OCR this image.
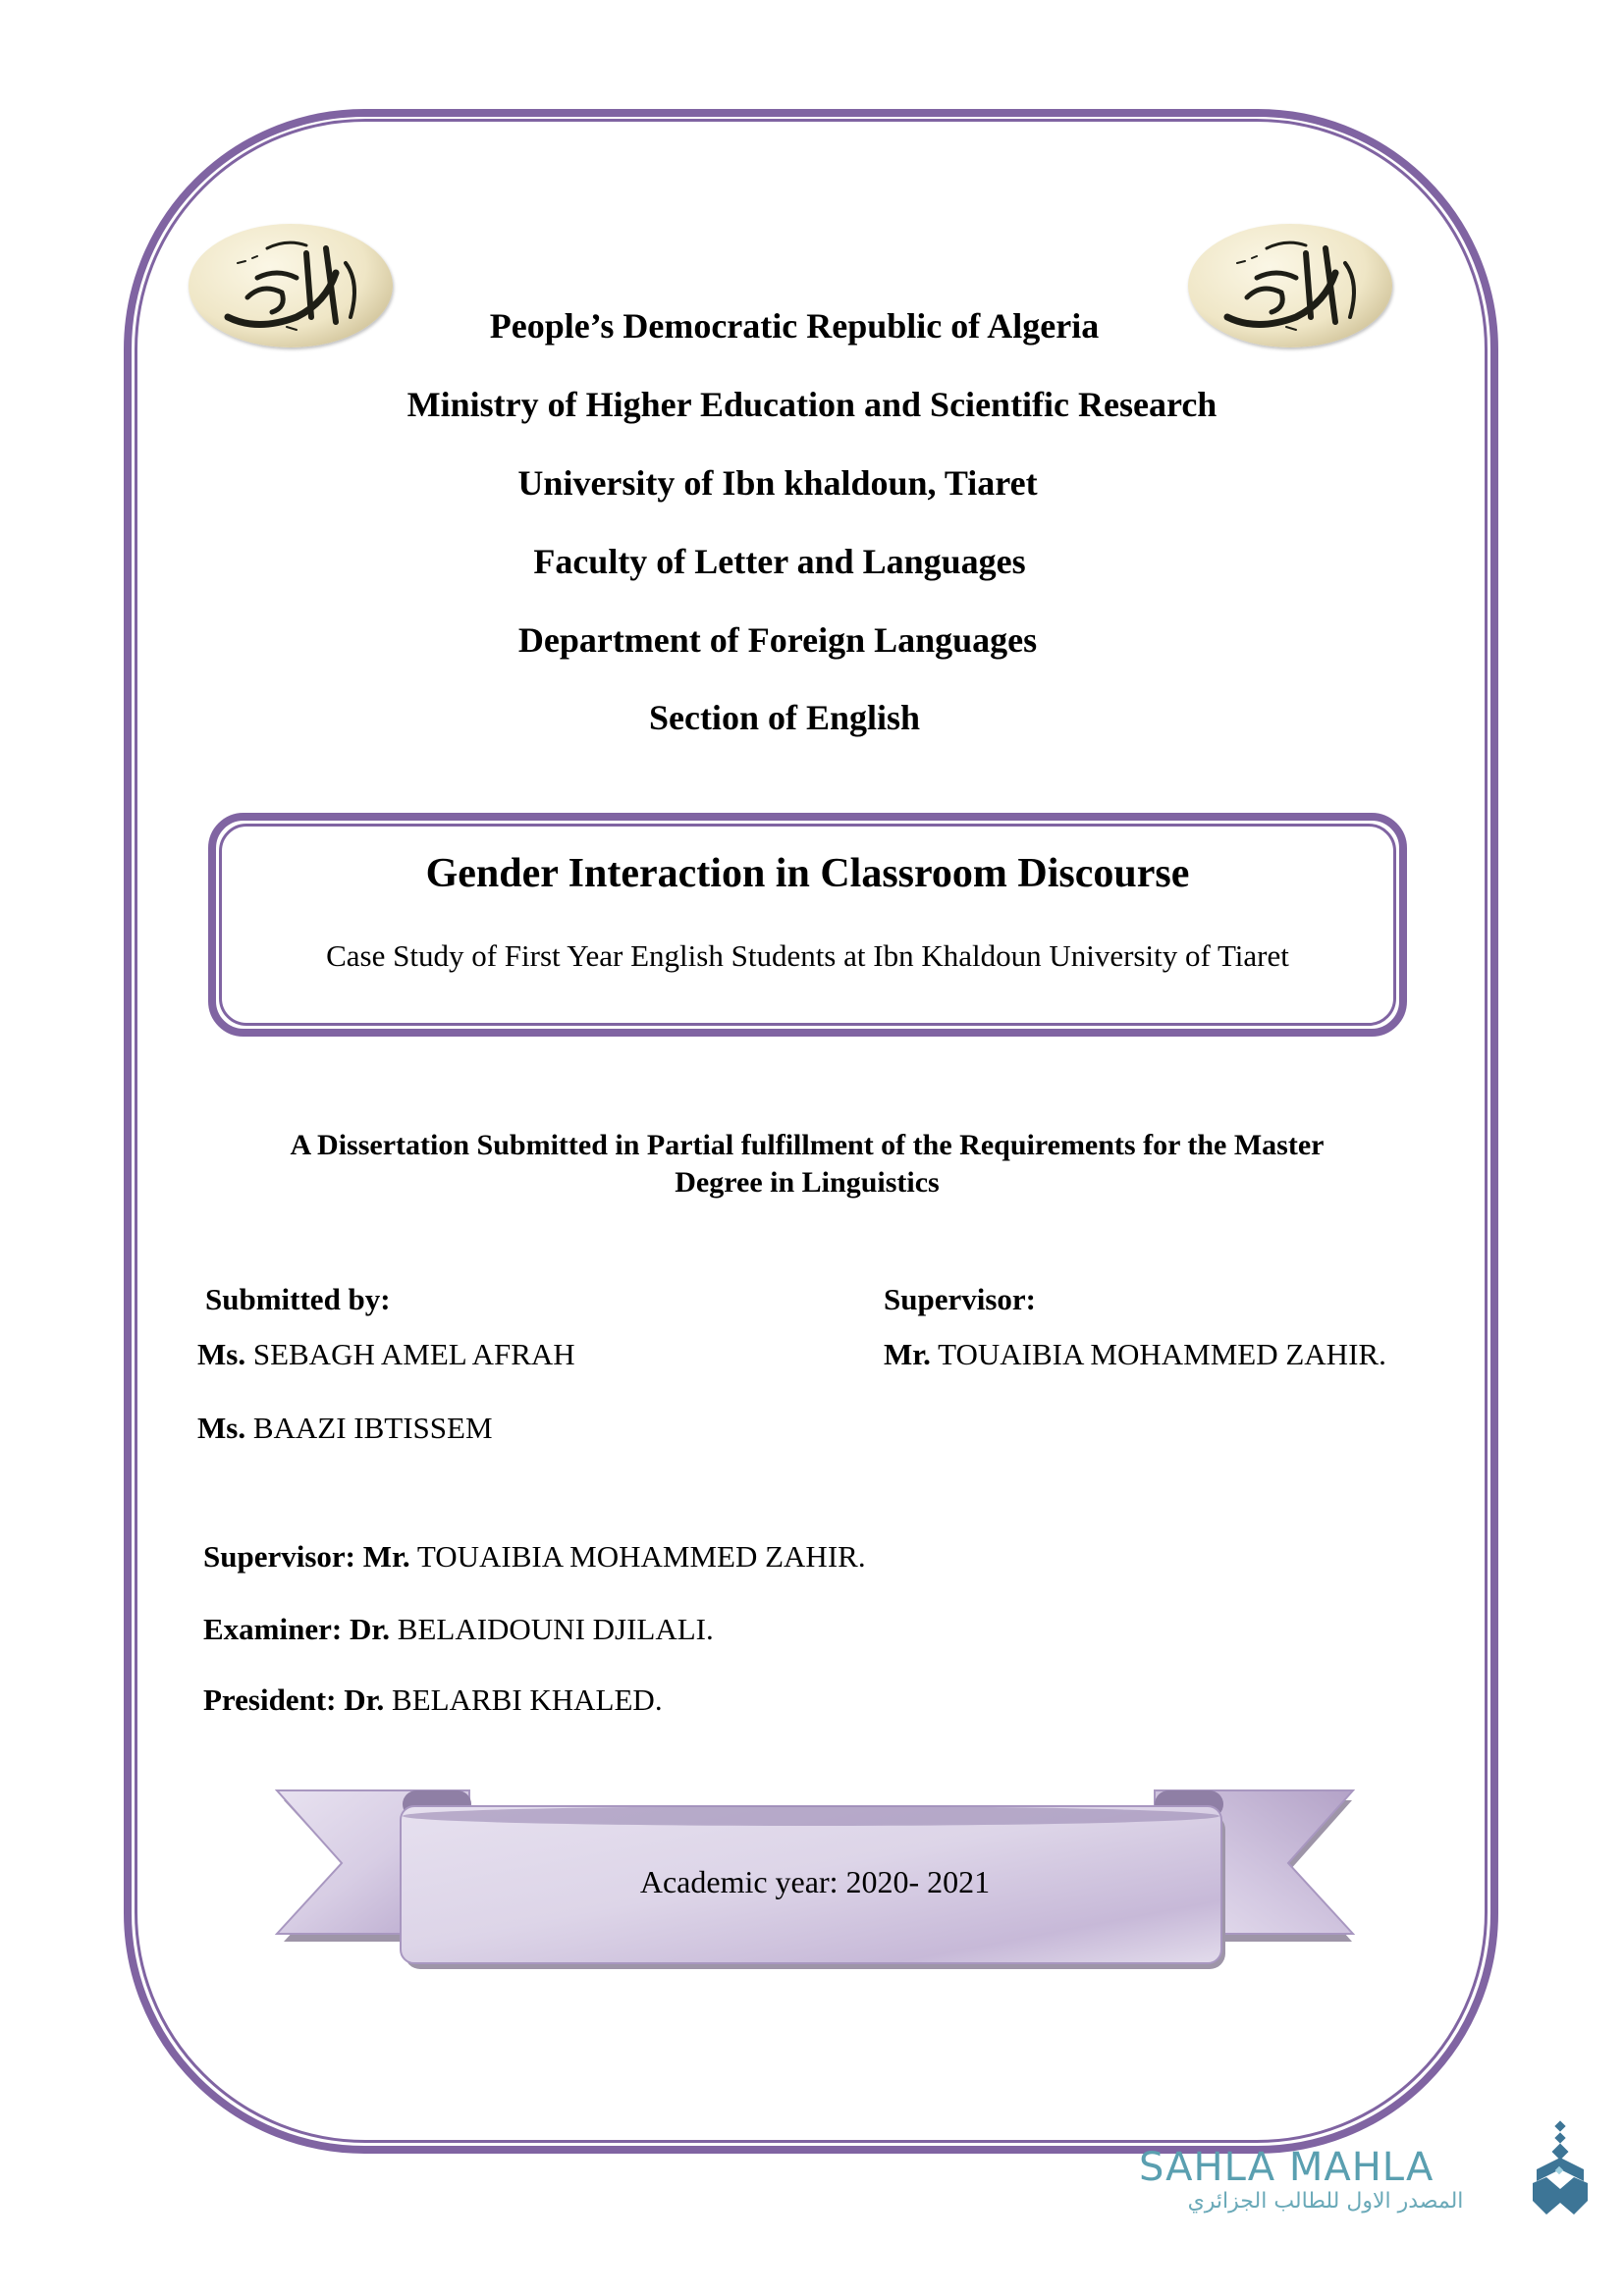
People’s Democratic Republic of Algeria
Ministry of Higher Education and Scientific Research
University of Ibn khaldoun, Tiaret
Faculty of Letter and Languages
Department of Foreign Languages
Section of English
Gender Interaction in Classroom Discourse
Case Study of First Year English Students at Ibn Khaldoun University of Tiaret
A Dissertation Submitted in Partial fulfillment of the Requirements for the Master
Degree in Linguistics
Submitted by:
Ms. SEBAGH AMEL AFRAH
Ms. BAAZI IBTISSEM
Supervisor:
Mr. TOUAIBIA MOHAMMED ZAHIR.
Supervisor: Mr. TOUAIBIA MOHAMMED ZAHIR.
Examiner: Dr. BELAIDOUNI DJILALI.
President: Dr. BELARBI KHALED.
Academic year: 2020- 2021
SAHLA MAHLA
المصدر الاول للطالب الجزائري
